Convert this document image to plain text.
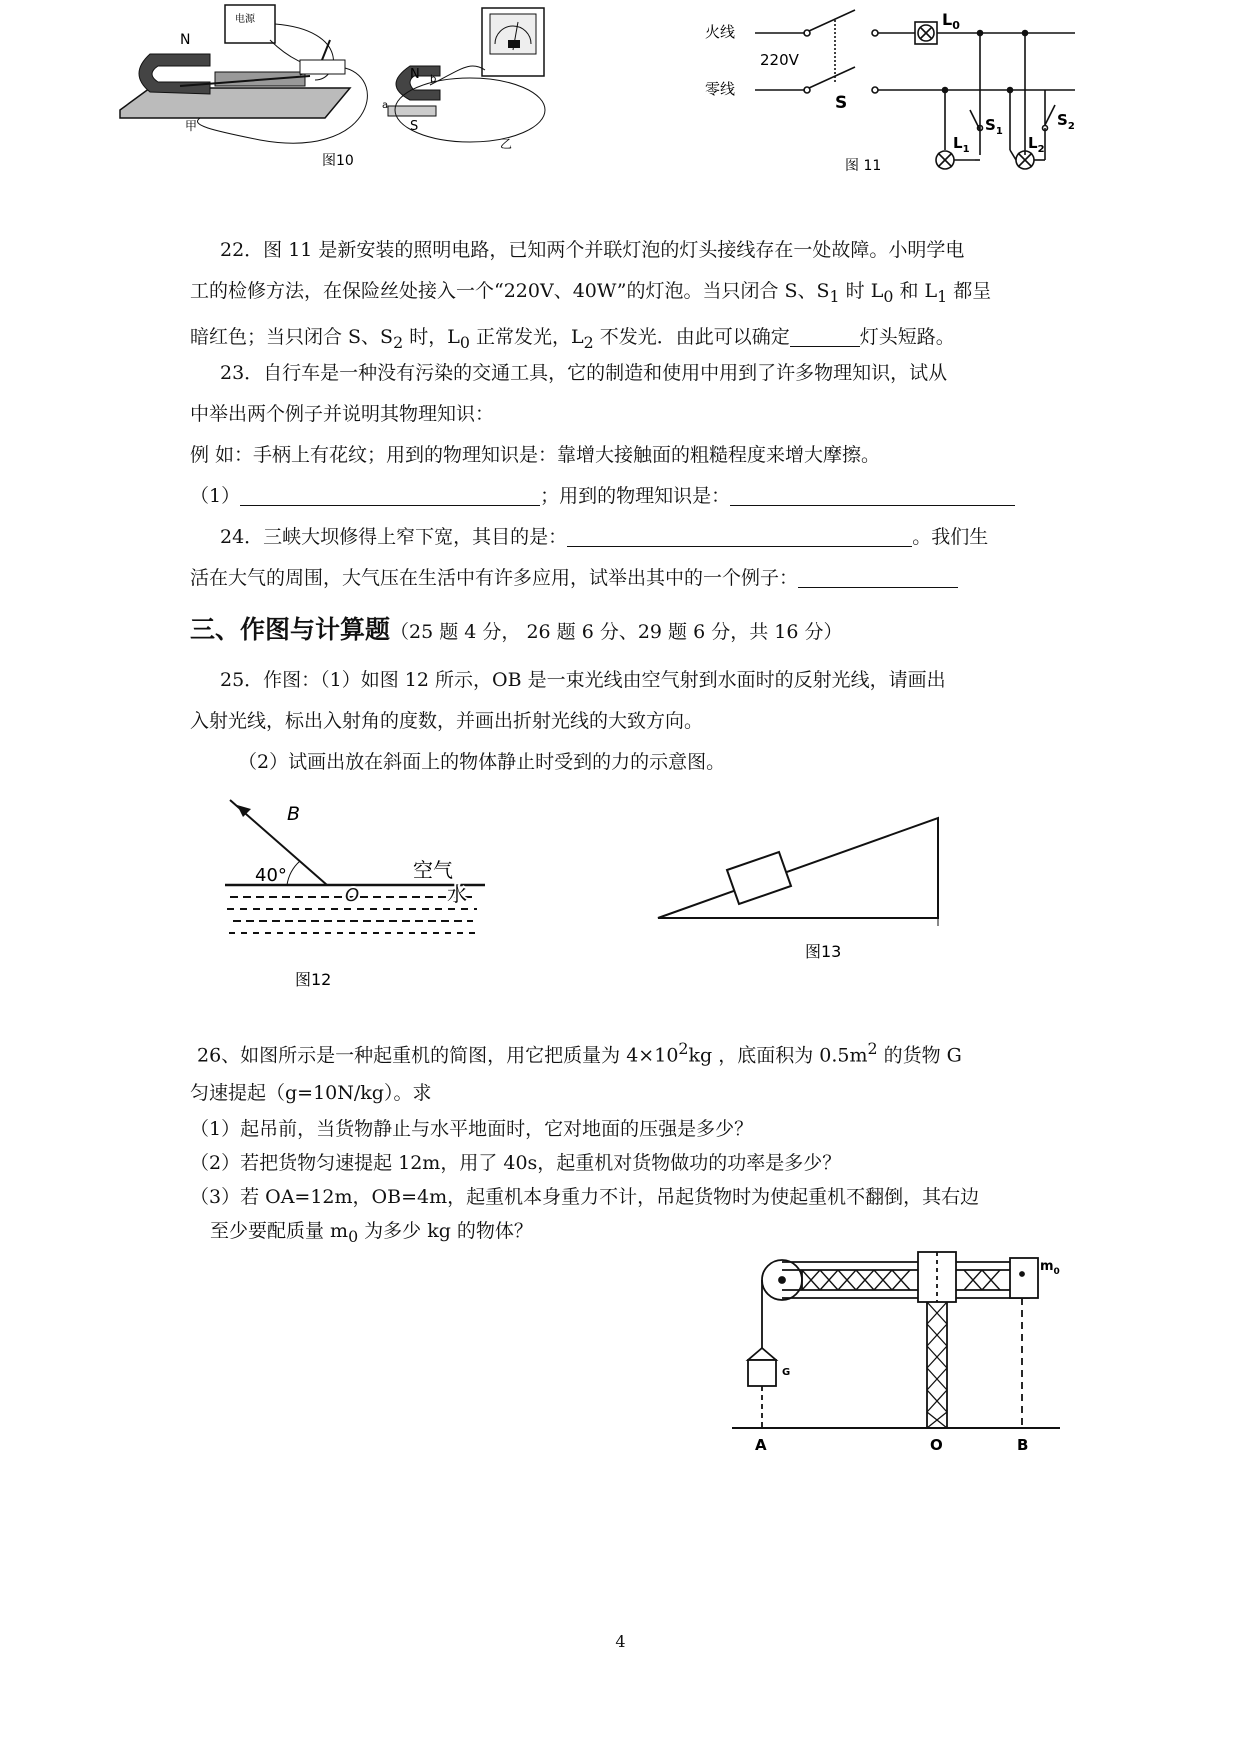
N
电源
甲
N
S
b
a
乙
图10
火线
零线
220V
S
$L_0$
$S_1$
$S_2$
$L_1$	$L_2$
图 11
22．图 11 是新安装的照明电路，已知两个并联灯泡的灯头接线存在一处故障。小明学电
工的检修方法，在保险丝处接入一个“220V、40W”的灯泡。当只闭合 S、$S_1$ 时 $L_0$ 和 $L_1$ 都呈
暗红色；当只闭合 S、$S_2$ 时，$L_0$ 正常发光，$L_2$ 不发光．由此可以确定	灯头短路。
23．自行车是一种没有污染的交通工具，它的制造和使用中用到了许多物理知识，试从
中举出两个例子并说明其物理知识：
例 如：手柄上有花纹；用到的物理知识是：靠增大接触面的粗糙程度来增大摩擦。
（1）	；用到的物理知识是：
24．三峡大坝修得上窄下宽，其目的是：	。我们生
活在大气的周围，大气压在生活中有许多应用，试举出其中的一个例子：
三、作图与计算题（25 题 4 分， 26 题 6 分、29 题 6 分，共 16 分）
25．作图：（1）如图 12 所示，OB 是一束光线由空气射到水面时的反射光线，请画出
入射光线，标出入射角的度数，并画出折射光线的大致方向。
（2）试画出放在斜面上的物体静止时受到的力的示意图。
B
40°
O
空气
水
图12
图13
26、如图所示是一种起重机的简图，用它把质量为 $4\times 10^2kg$ ，底面积为 $0.5m^2$ 的货物 G
匀速提起（g=10N/kg）。求
（1）起吊前，当货物静止与水平地面时，它对地面的压强是多少？
（2）若把货物匀速提起 12m，用了 40s，起重机对货物做功的功率是多少？
（3）若 OA=12m，OB=4m，起重机本身重力不计，吊起货物时为使起重机不翻倒，其右边
至少要配质量 $m_0$ 为多少 kg 的物体？
G
A	O	B
$m_0$
4
